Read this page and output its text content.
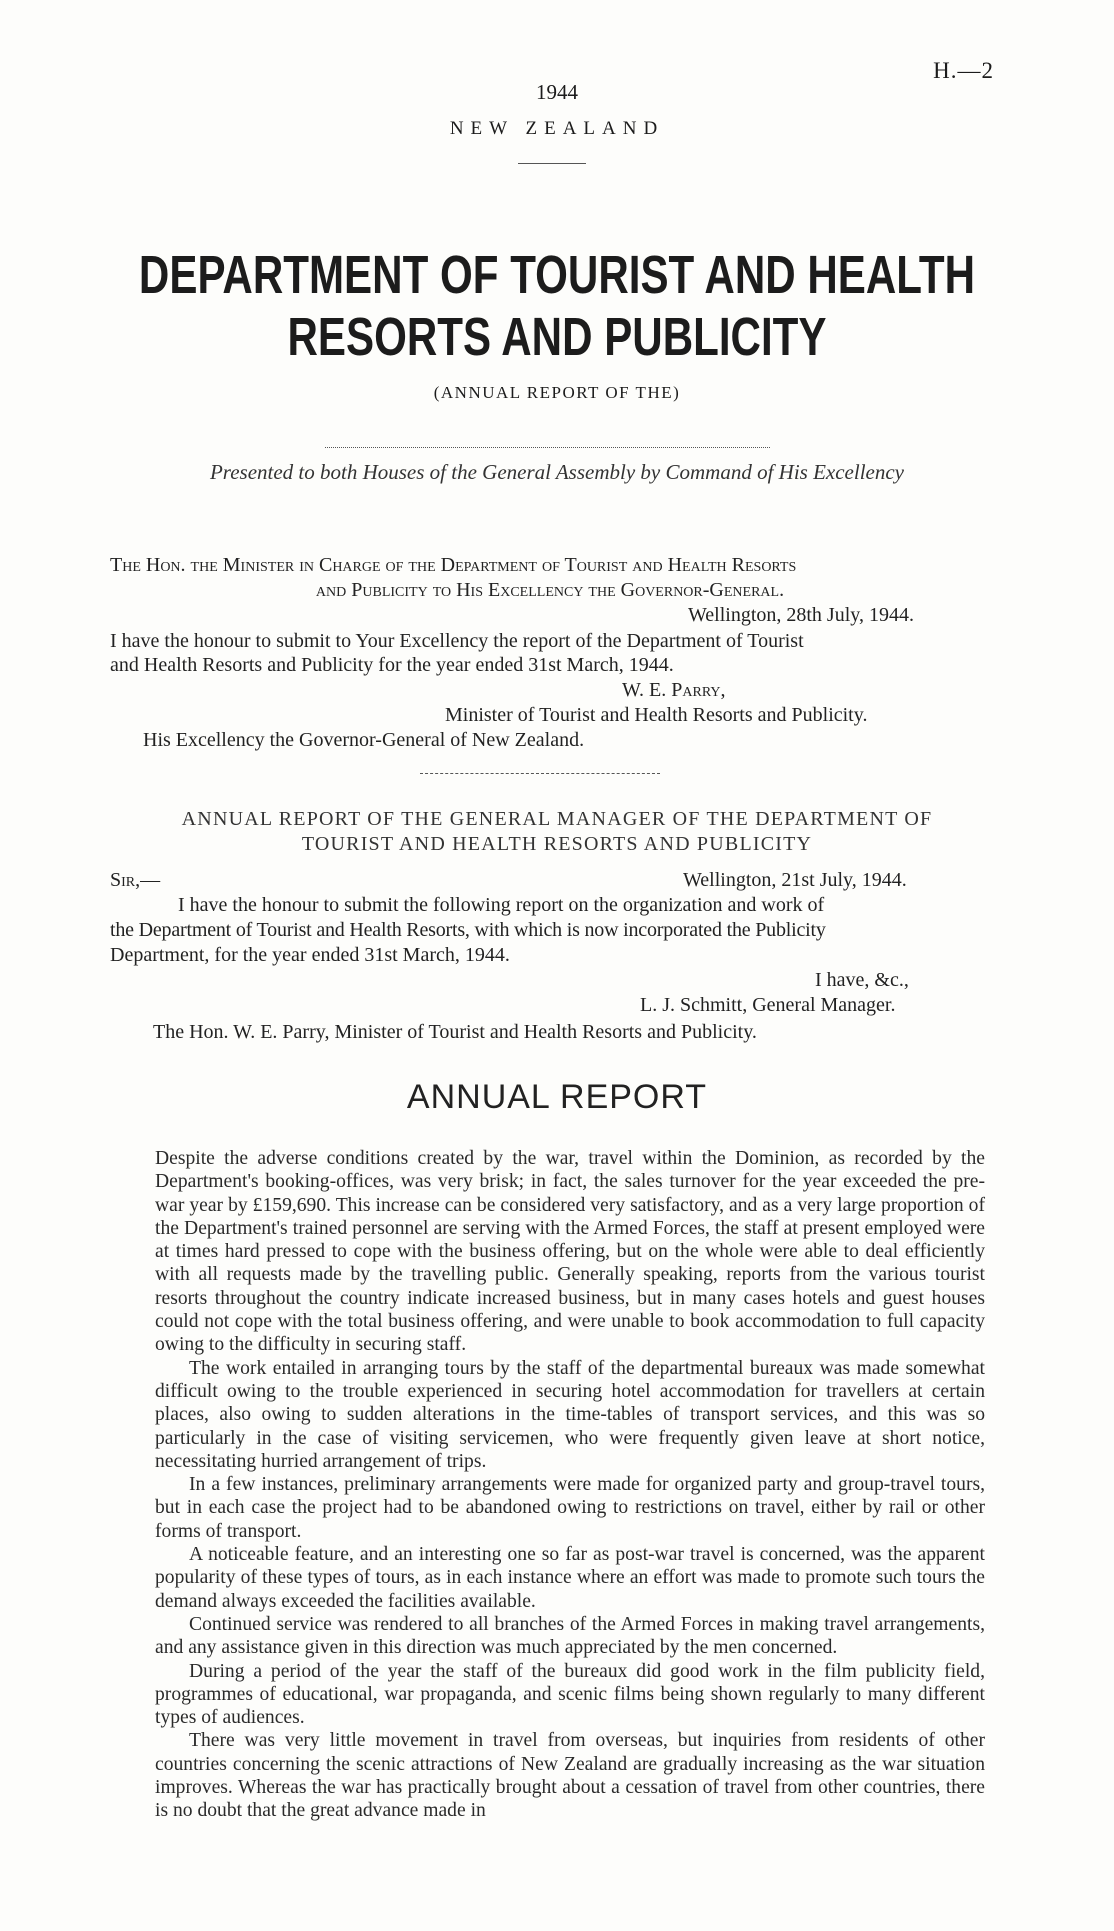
H.—2
1944
NEW ZEALAND
DEPARTMENT OF TOURIST AND HEALTH
RESORTS AND PUBLICITY
(ANNUAL REPORT OF THE)
Presented to both Houses of the General Assembly by Command of His Excellency
The Hon. the Minister in Charge of the Department of Tourist and Health Resorts
and Publicity to His Excellency the Governor-General.
Wellington, 28th July, 1944.
I have the honour to submit to Your Excellency the report of the Department of Tourist
and Health Resorts and Publicity for the year ended 31st March, 1944.
W. E. Parry,
Minister of Tourist and Health Resorts and Publicity.
His Excellency the Governor-General of New Zealand.
ANNUAL REPORT OF THE GENERAL MANAGER OF THE DEPARTMENT OF
TOURIST AND HEALTH RESORTS AND PUBLICITY
Sir,—	Wellington, 21st July, 1944.
I have the honour to submit the following report on the organization and work of
the Department of Tourist and Health Resorts, with which is now incorporated the Publicity
Department, for the year ended 31st March, 1944.
I have, &c.,
L. J. Schmitt, General Manager.
The Hon. W. E. Parry, Minister of Tourist and Health Resorts and Publicity.
ANNUAL REPORT

Despite the adverse conditions created by the war, travel within the Dominion, as recorded by the Department's booking-offices, was very brisk; in fact, the sales turnover for the year exceeded the pre-war year by £159,690. This increase can be considered very satisfactory, and as a very large proportion of the Department's trained personnel are serving with the Armed Forces, the staff at present employed were at times hard pressed to cope with the business offering, but on the whole were able to deal efficiently with all requests made by the travelling public. Generally speaking, reports from the various tourist resorts throughout the country indicate increased business, but in many cases hotels and guest houses could not cope with the total business offering, and were unable to book accommodation to full capacity owing to the difficulty in securing staff.

The work entailed in arranging tours by the staff of the departmental bureaux was made somewhat difficult owing to the trouble experienced in securing hotel accommodation for travellers at certain places, also owing to sudden alterations in the time-tables of transport services, and this was so particularly in the case of visiting servicemen, who were frequently given leave at short notice, necessitating hurried arrangement of trips.

In a few instances, preliminary arrangements were made for organized party and group-travel tours, but in each case the project had to be abandoned owing to restrictions on travel, either by rail or other forms of transport.

A noticeable feature, and an interesting one so far as post-war travel is concerned, was the apparent popularity of these types of tours, as in each instance where an effort was made to promote such tours the demand always exceeded the facilities available.

Continued service was rendered to all branches of the Armed Forces in making travel arrangements, and any assistance given in this direction was much appreciated by the men concerned.

During a period of the year the staff of the bureaux did good work in the film publicity field, programmes of educational, war propaganda, and scenic films being shown regularly to many different types of audiences.

There was very little movement in travel from overseas, but inquiries from residents of other countries concerning the scenic attractions of New Zealand are gradually increasing as the war situation improves. Whereas the war has practically brought about a cessation of travel from other countries, there is no doubt that the great advance made in
